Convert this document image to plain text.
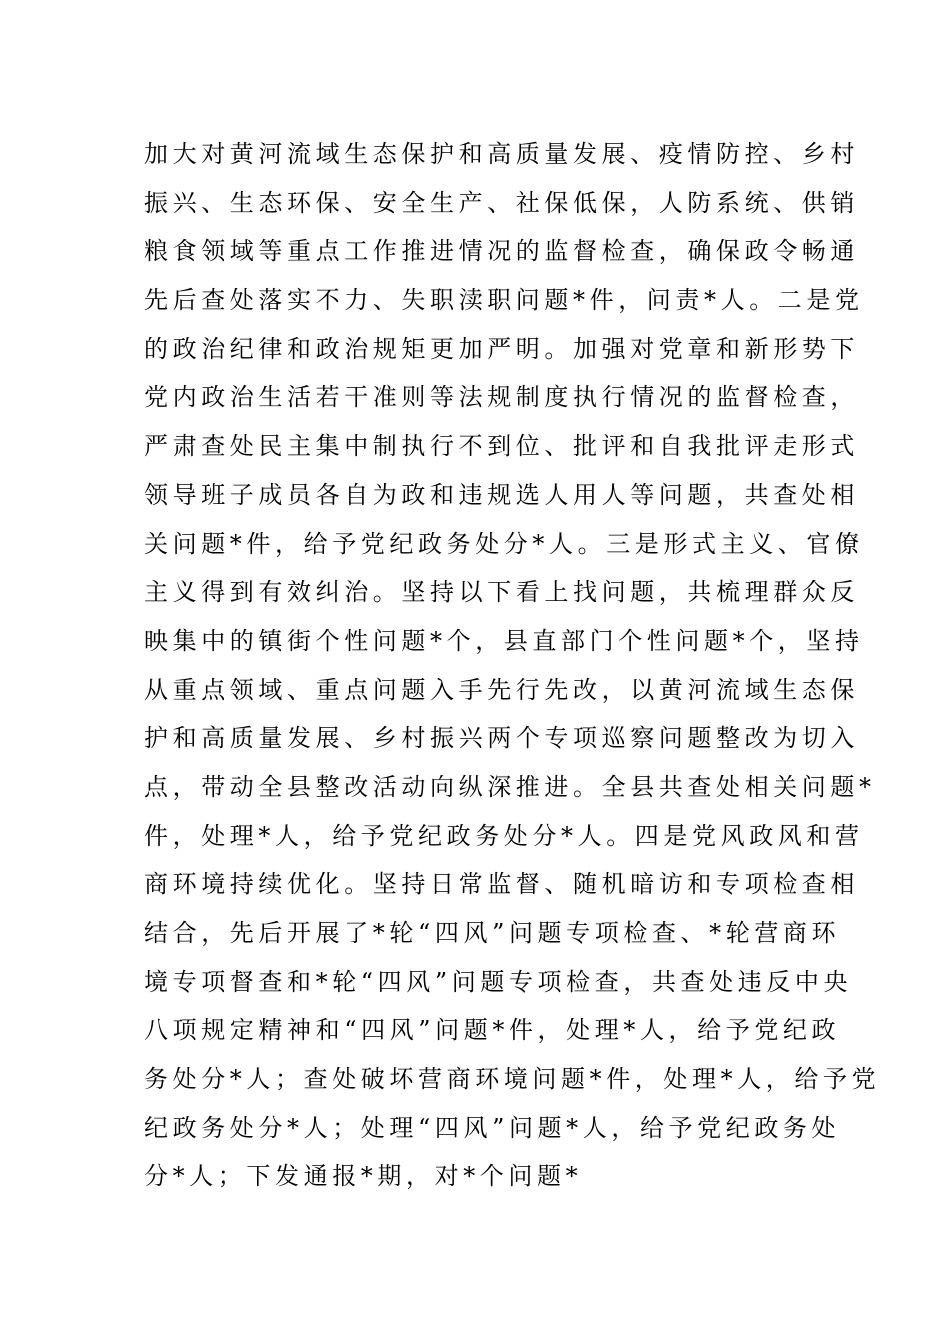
加大对黄河流域生态保护和高质量发展、疫情防控、乡村
振兴、生态环保、安全生产、社保低保，人防系统、供销
粮食领域等重点工作推进情况的监督检查，确保政令畅通
先后查处落实不力、失职渎职问题*件，问责*人。二是党
的政治纪律和政治规矩更加严明。加强对党章和新形势下
党内政治生活若干准则等法规制度执行情况的监督检查，
严肃查处民主集中制执行不到位、批评和自我批评走形式
领导班子成员各自为政和违规选人用人等问题，共查处相
关问题*件，给予党纪政务处分*人。三是形式主义、官僚
主义得到有效纠治。坚持以下看上找问题，共梳理群众反
映集中的镇街个性问题*个，县直部门个性问题*个，坚持
从重点领域、重点问题入手先行先改，以黄河流域生态保
护和高质量发展、乡村振兴两个专项巡察问题整改为切入
点，带动全县整改活动向纵深推进。全县共查处相关问题*
件，处理*人，给予党纪政务处分*人。四是党风政风和营
商环境持续优化。坚持日常监督、随机暗访和专项检查相
结合，先后开展了*轮“四风”问题专项检查、*轮营商环
境专项督查和*轮“四风”问题专项检查，共查处违反中央
八项规定精神和“四风”问题*件，处理*人，给予党纪政
务处分*人；查处破坏营商环境问题*件，处理*人，给予党
纪政务处分*人；处理“四风”问题*人，给予党纪政务处
分*人；下发通报*期，对*个问题*
